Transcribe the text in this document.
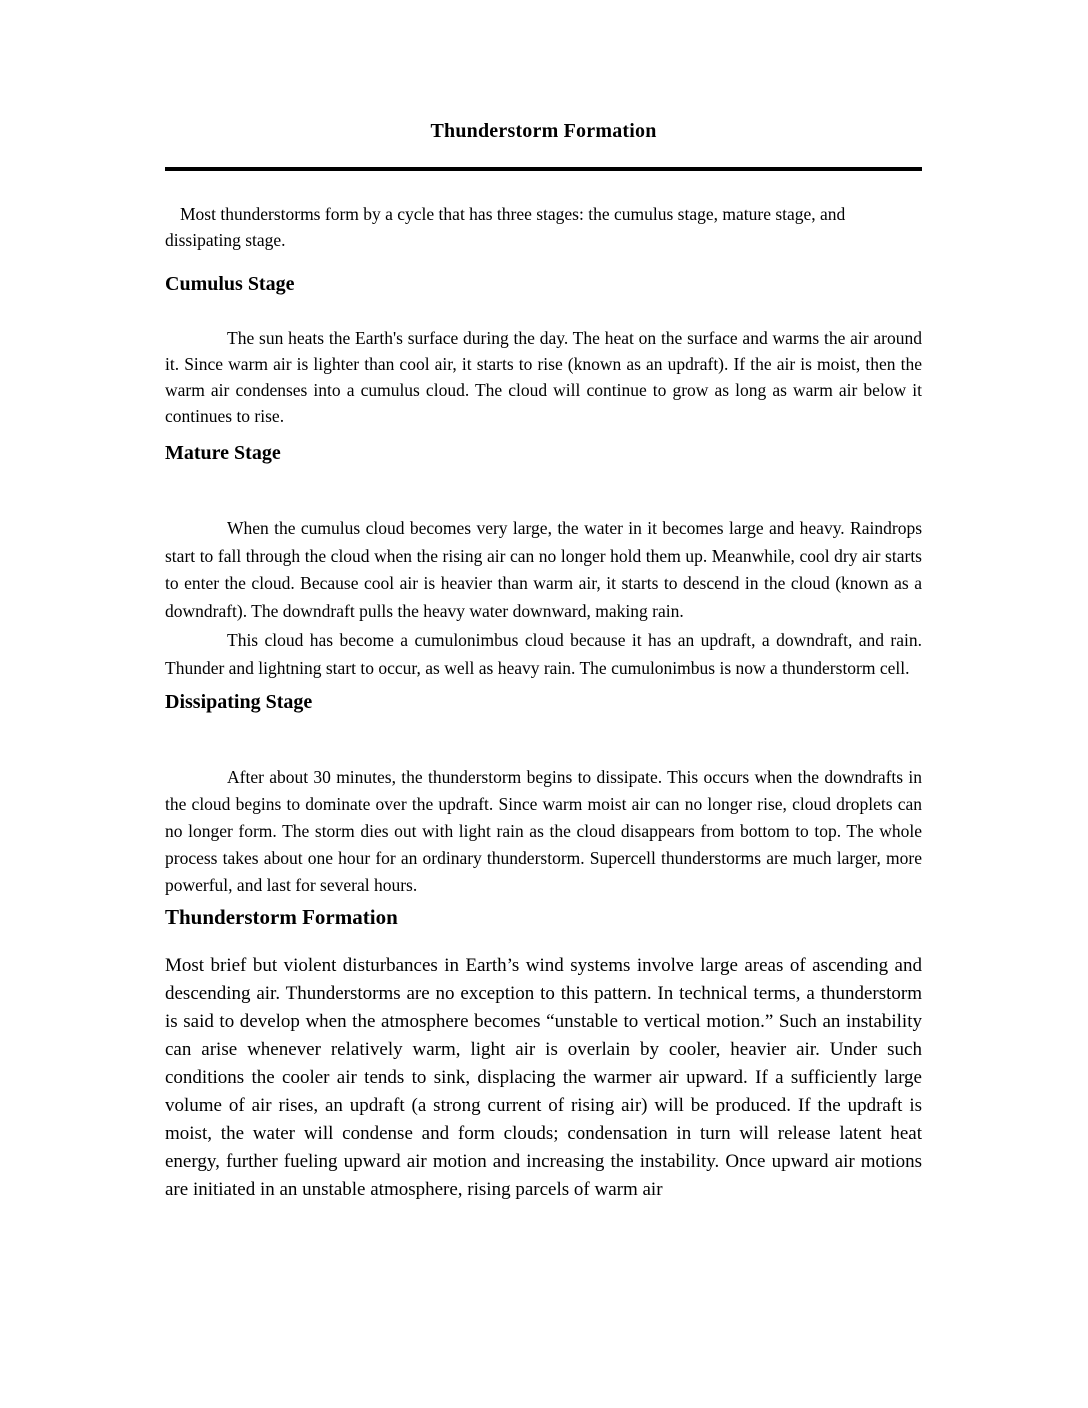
Thunderstorm Formation

Most thunderstorms form by a cycle that has three stages: the cumulus stage, mature stage, and dissipating stage.

Cumulus Stage

The sun heats the Earth's surface during the day. The heat on the surface and warms the air around it. Since warm air is lighter than cool air, it starts to rise (known as an updraft). If the air is moist, then the warm air condenses into a cumulus cloud. The cloud will continue to grow as long as warm air below it continues to rise.

Mature Stage

When the cumulus cloud becomes very large, the water in it becomes large and heavy. Raindrops start to fall through the cloud when the rising air can no longer hold them up. Meanwhile, cool dry air starts to enter the cloud. Because cool air is heavier than warm air, it starts to descend in the cloud (known as a downdraft). The downdraft pulls the heavy water downward, making rain.

This cloud has become a cumulonimbus cloud because it has an updraft, a downdraft, and rain. Thunder and lightning start to occur, as well as heavy rain. The cumulonimbus is now a thunderstorm cell.

Dissipating Stage

After about 30 minutes, the thunderstorm begins to dissipate. This occurs when the downdrafts in the cloud begins to dominate over the updraft. Since warm moist air can no longer rise, cloud droplets can no longer form. The storm dies out with light rain as the cloud disappears from bottom to top. The whole process takes about one hour for an ordinary thunderstorm. Supercell thunderstorms are much larger, more powerful, and last for several hours.

Thunderstorm Formation

Most brief but violent disturbances in Earth’s wind systems involve large areas of ascending and descending air. Thunderstorms are no exception to this pattern. In technical terms, a thunderstorm is said to develop when the atmosphere becomes “unstable to vertical motion.” Such an instability can arise whenever relatively warm, light air is overlain by cooler, heavier air. Under such conditions the cooler air tends to sink, displacing the warmer air upward. If a sufficiently large volume of air rises, an updraft (a strong current of rising air) will be produced. If the updraft is moist, the water will condense and form clouds; condensation in turn will release latent heat energy, further fueling upward air motion and increasing the instability. Once upward air motions are initiated in an unstable atmosphere, rising parcels of warm air
